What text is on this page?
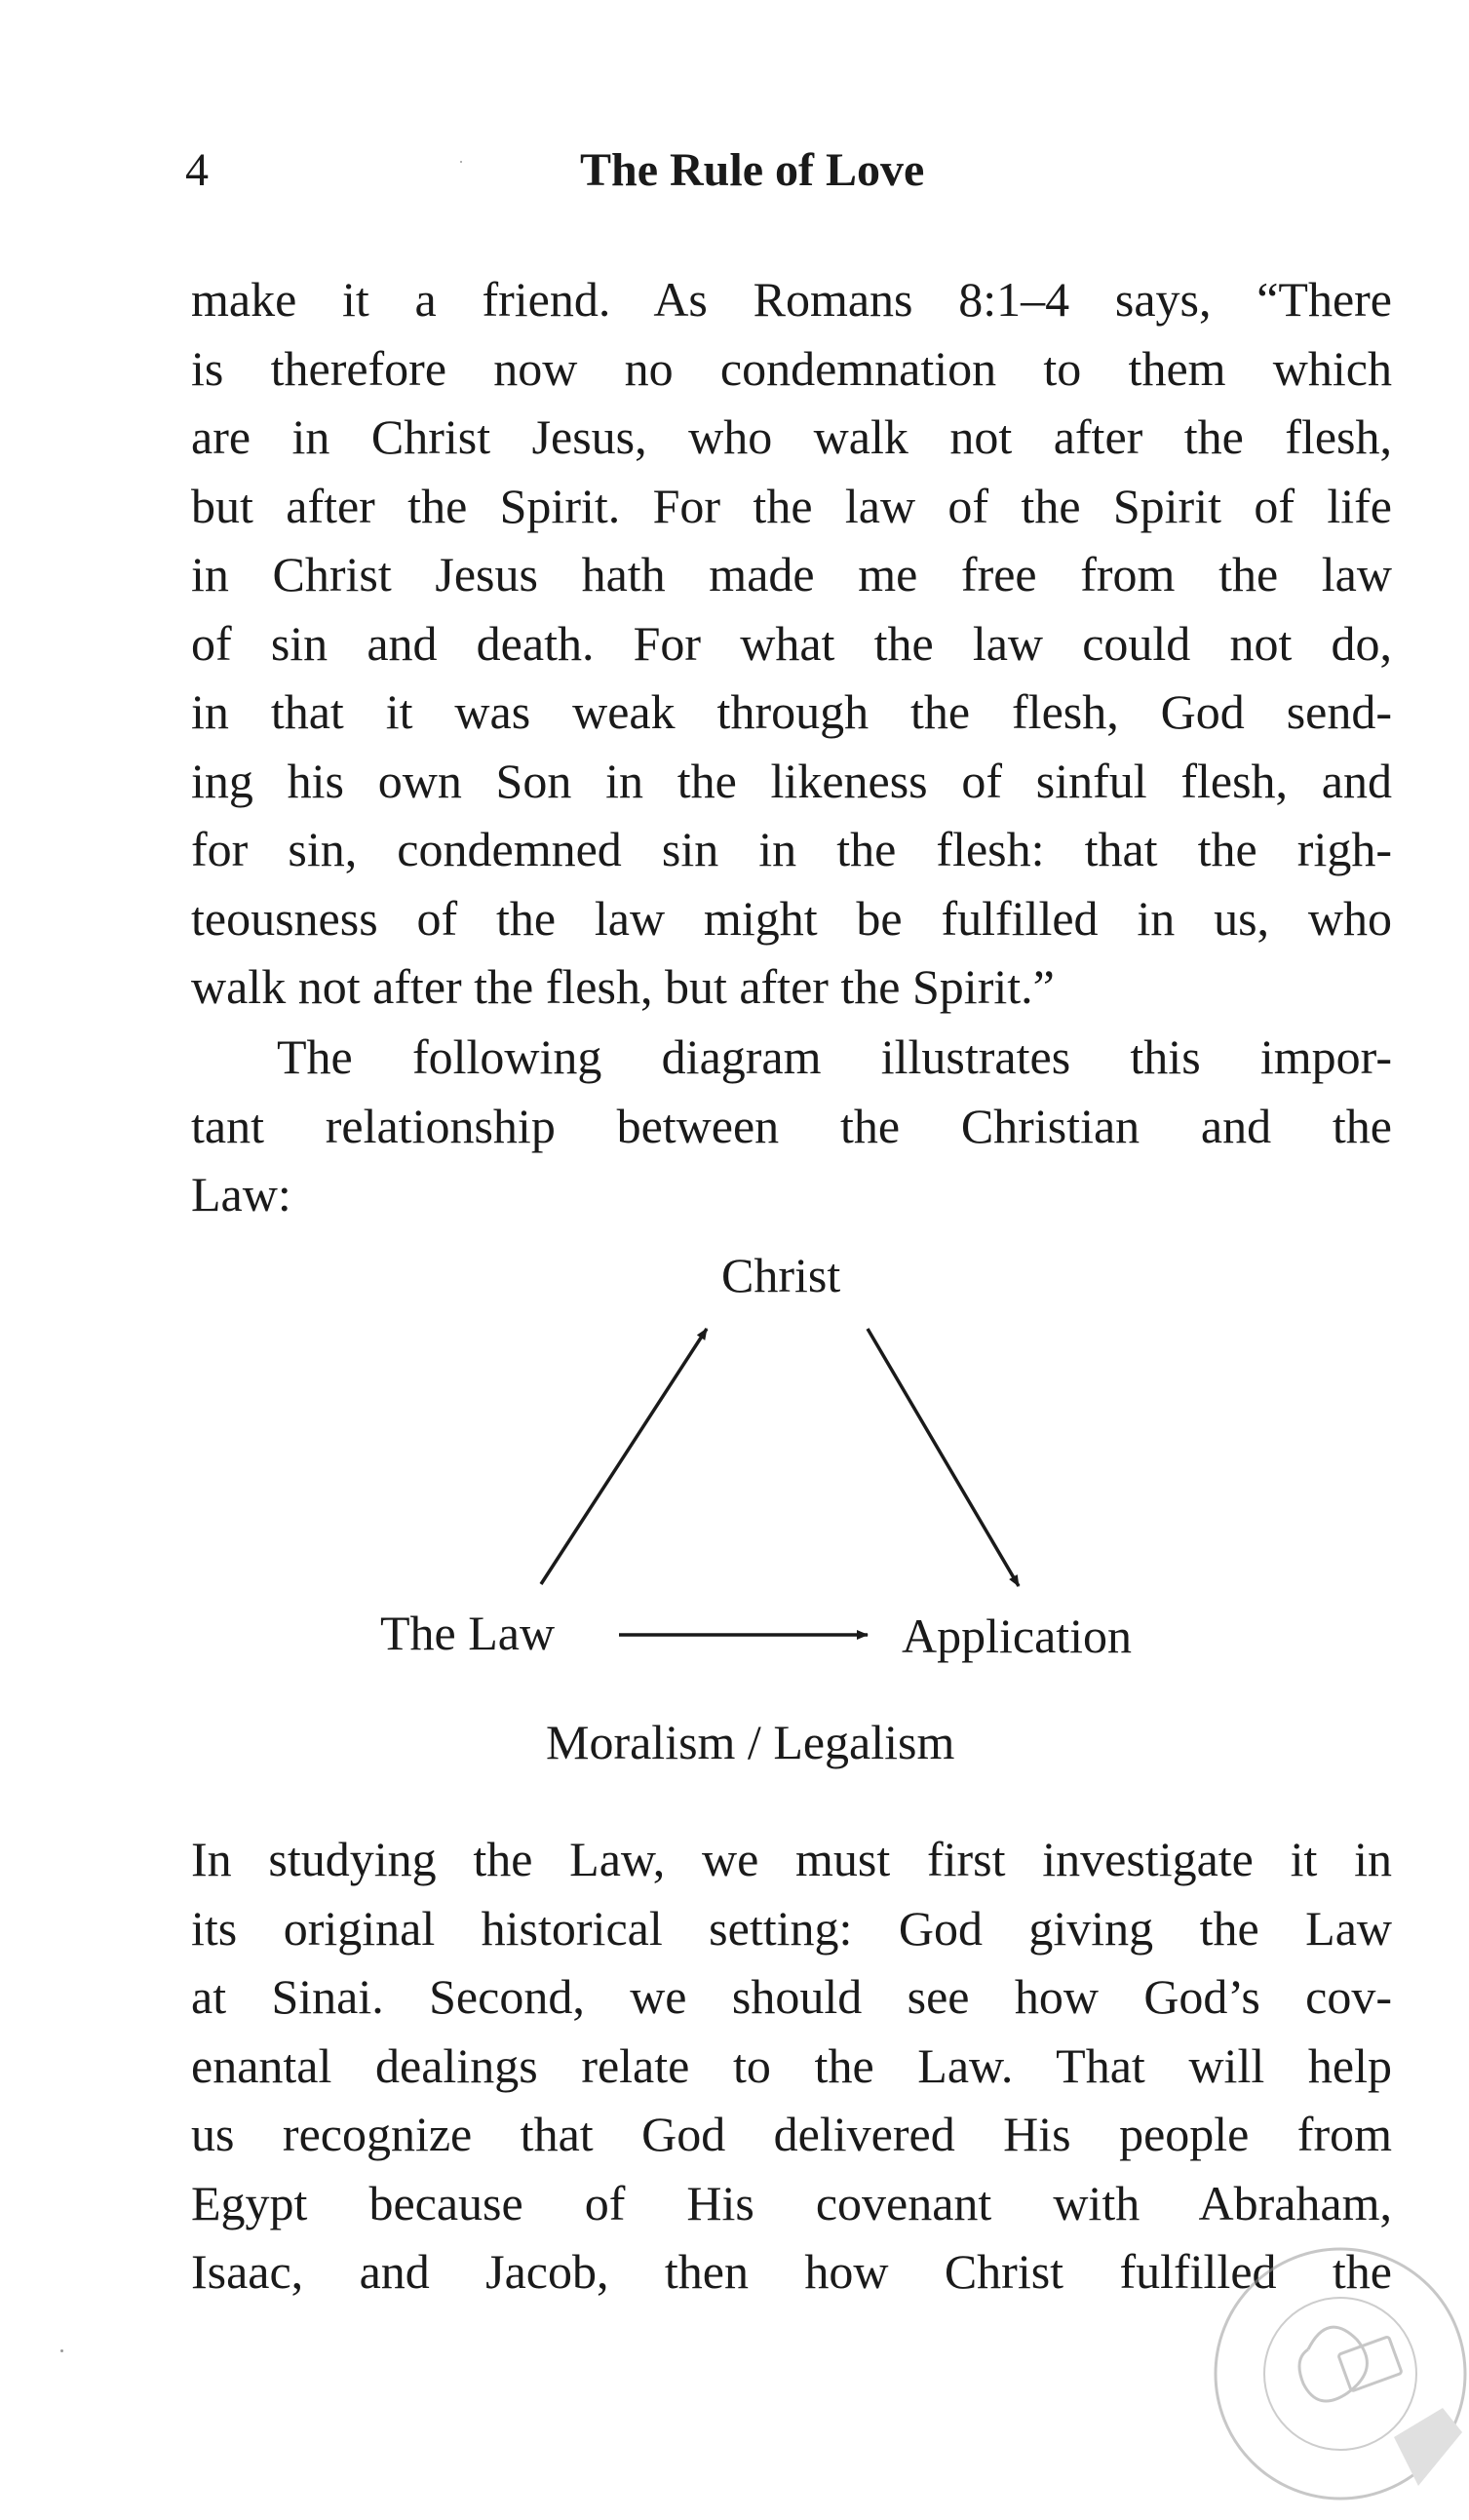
4	The Rule of Love
make it a friend. As Romans 8:1–4 says, “There
is therefore now no condemnation to them which
are in Christ Jesus, who walk not after the flesh,
but after the Spirit. For the law of the Spirit of life
in Christ Jesus hath made me free from the law
of sin and death. For what the law could not do,
in that it was weak through the flesh, God send-
ing his own Son in the likeness of sinful flesh, and
for sin, condemned sin in the flesh: that the righ-
teousness of the law might be fulfilled in us, who
walk not after the flesh, but after the Spirit.”
The following diagram illustrates this impor-
tant relationship between the Christian and the
Law:
Christ
The Law	Application
Moralism / Legalism
In studying the Law, we must first investigate it in
its original historical setting: God giving the Law
at Sinai. Second, we should see how God’s cov-
enantal dealings relate to the Law. That will help
us recognize that God delivered His people from
Egypt because of His covenant with Abraham,
Isaac, and Jacob, then how Christ fulfilled the
